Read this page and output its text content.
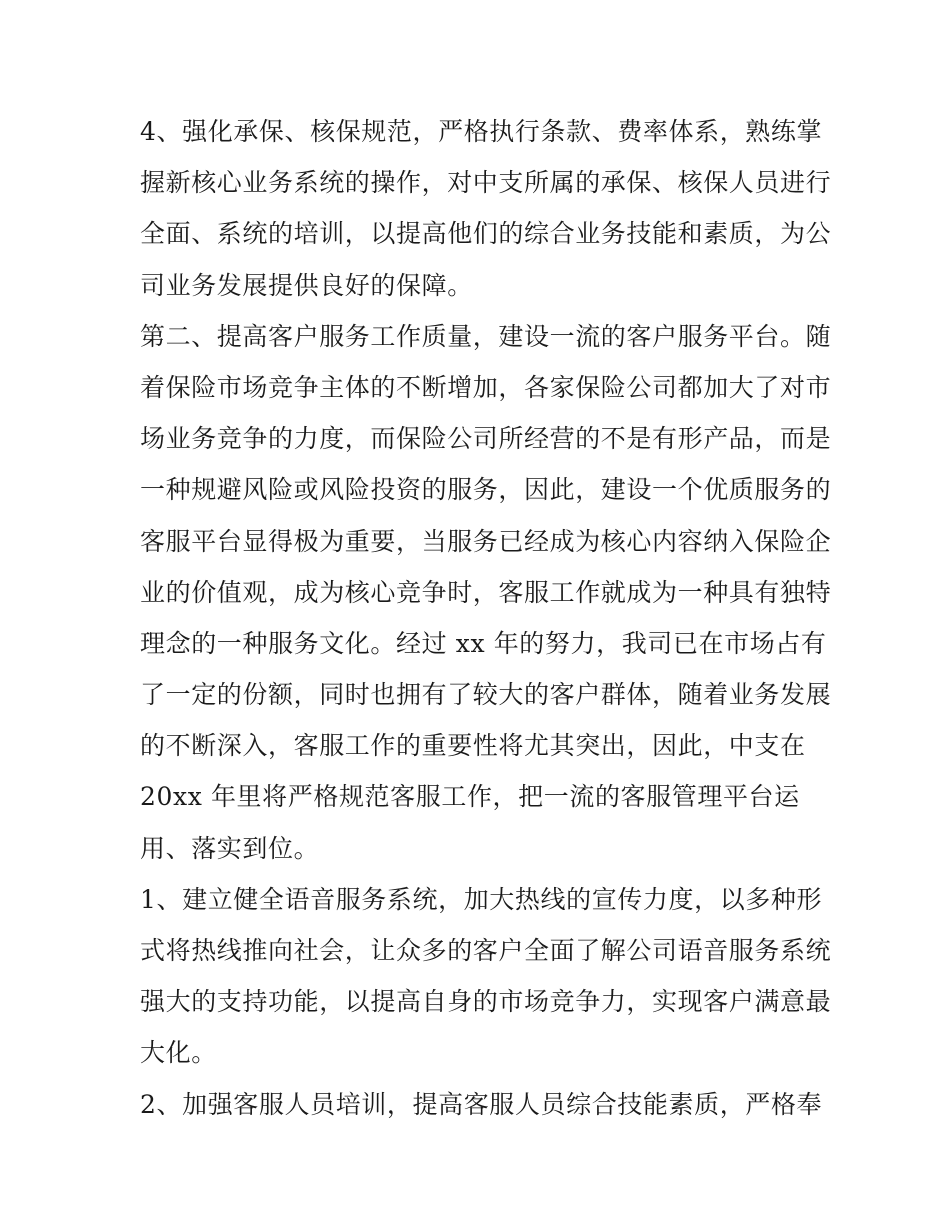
4、强化承保、核保规范，严格执行条款、费率体系，熟练掌
握新核心业务系统的操作，对中支所属的承保、核保人员进行
全面、系统的培训，以提高他们的综合业务技能和素质，为公
司业务发展提供良好的保障。
第二、提高客户服务工作质量，建设一流的客户服务平台。随
着保险市场竞争主体的不断增加，各家保险公司都加大了对市
场业务竞争的力度，而保险公司所经营的不是有形产品，而是
一种规避风险或风险投资的服务，因此，建设一个优质服务的
客服平台显得极为重要，当服务已经成为核心内容纳入保险企
业的价值观，成为核心竞争时，客服工作就成为一种具有独特
理念的一种服务文化。经过 xx 年的努力，我司已在市场占有
了一定的份额，同时也拥有了较大的客户群体，随着业务发展
的不断深入，客服工作的重要性将尤其突出，因此，中支在
20xx 年里将严格规范客服工作，把一流的客服管理平台运
用、落实到位。
1、建立健全语音服务系统，加大热线的宣传力度，以多种形
式将热线推向社会，让众多的客户全面了解公司语音服务系统
强大的支持功能，以提高自身的市场竞争力，实现客户满意最
大化。
2、加强客服人员培训，提高客服人员综合技能素质，严格奉
